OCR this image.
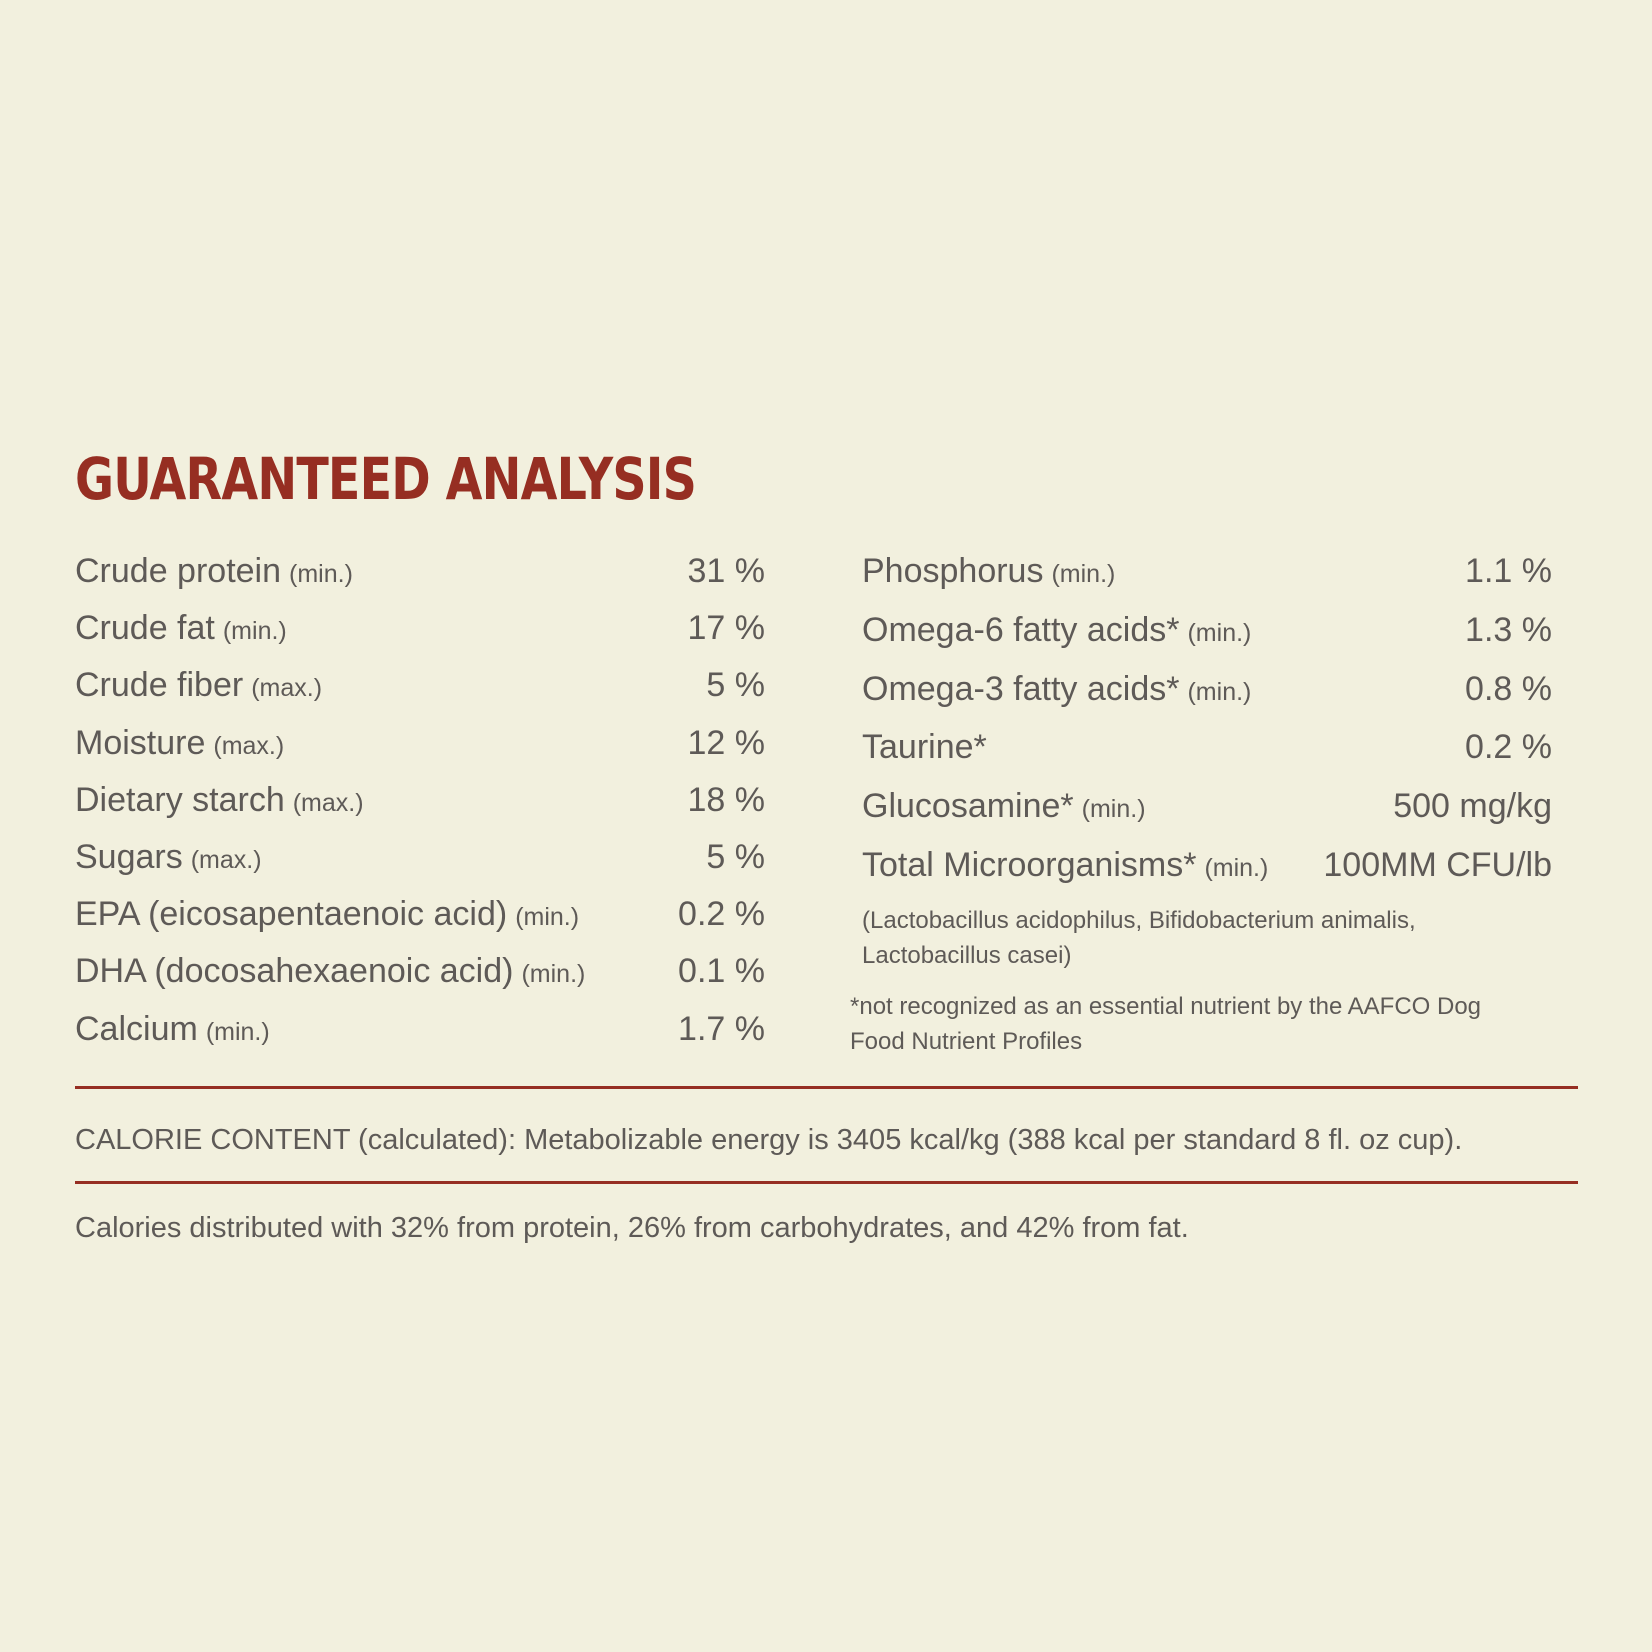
GUARANTEED ANALYSIS
Crude protein (min.)	31 %
Crude fat (min.)	17 %
Crude fiber (max.)	5 %
Moisture (max.)	12 %
Dietary starch (max.)	18 %
Sugars (max.)	5 %
EPA (eicosapentaenoic acid) (min.)	0.2 %
DHA (docosahexaenoic acid) (min.)	0.1 %
Calcium (min.)	1.7 %
Phosphorus (min.)	1.1 %
Omega-6 fatty acids* (min.)	1.3 %
Omega-3 fatty acids* (min.)	0.8 %
Taurine*	0.2 %
Glucosamine* (min.)	500 mg/kg
Total Microorganisms* (min.) 100MM CFU/lb
(Lactobacillus acidophilus, Bifidobacterium animalis, Lactobacillus casei)
*not recognized as an essential nutrient by the AAFCO Dog Food Nutrient Profiles
CALORIE CONTENT (calculated): Metabolizable energy is 3405 kcal/kg (388 kcal per standard 8 fl. oz cup).
Calories distributed with 32% from protein, 26% from carbohydrates, and 42% from fat.
